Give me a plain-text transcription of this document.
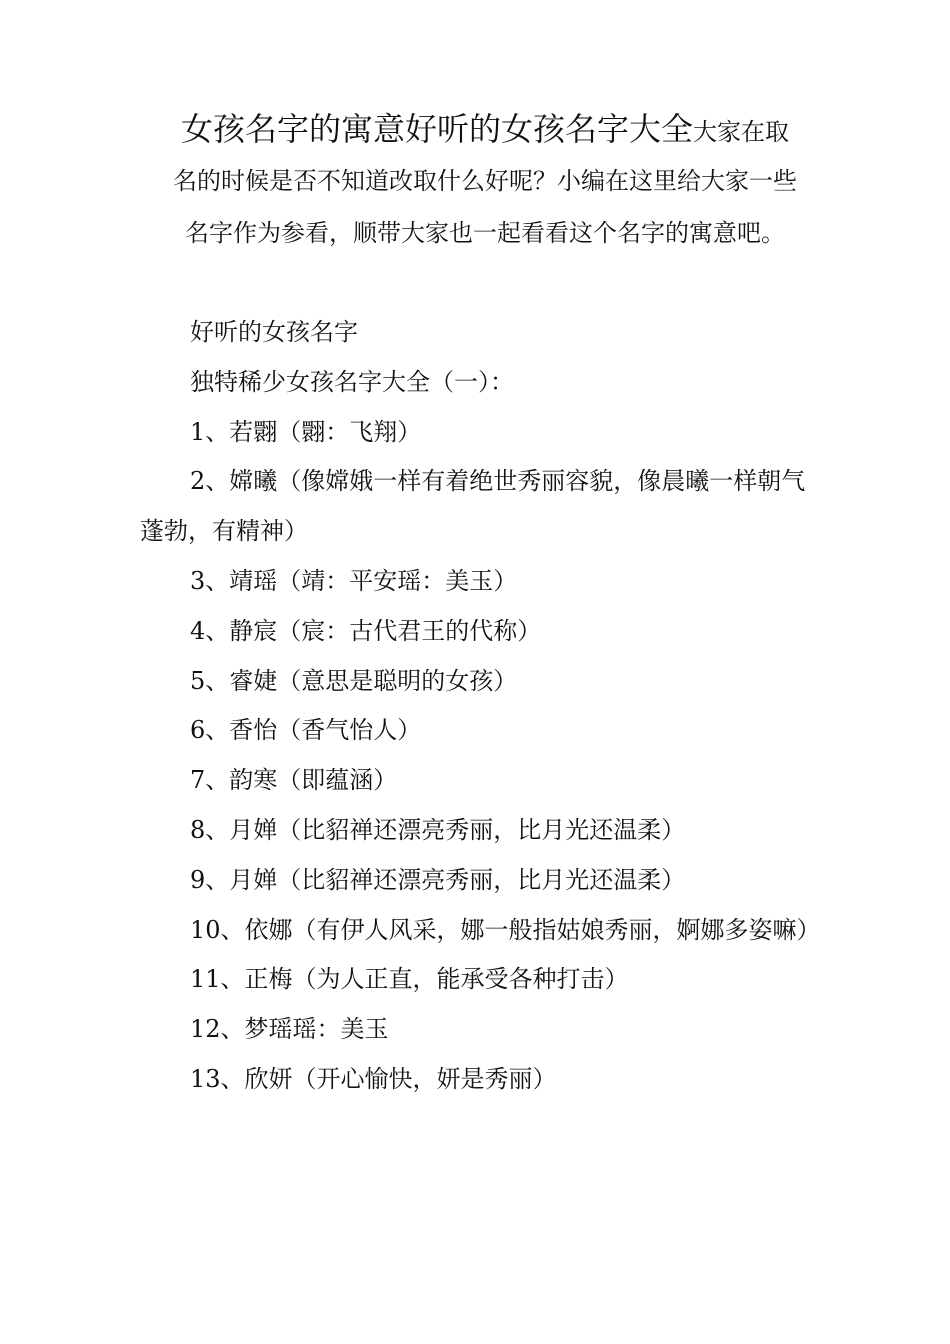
女孩名字的寓意好听的女孩名字大全大家在取
名的时候是否不知道改取什么好呢？小编在这里给大家一些
名字作为参看，顺带大家也一起看看这个名字的寓意吧。

好听的女孩名字

独特稀少女孩名字大全（一）：

1、若翾（翾：飞翔）

2、嫦曦（像嫦娥一样有着绝世秀丽容貌，像晨曦一样朝气蓬勃，有精神）

3、靖瑶（靖：平安瑶：美玉）

4、静宸（宸：古代君王的代称）

5、睿婕（意思是聪明的女孩）

6、香怡（香气怡人）

7、韵寒（即蕴涵）

8、月婵（比貂禅还漂亮秀丽，比月光还温柔）

9、月婵（比貂禅还漂亮秀丽，比月光还温柔）

10、依娜（有伊人风采，娜一般指姑娘秀丽，婀娜多姿嘛）

11、正梅（为人正直，能承受各种打击）

12、梦瑶瑶：美玉

13、欣妍（开心愉快，妍是秀丽）
